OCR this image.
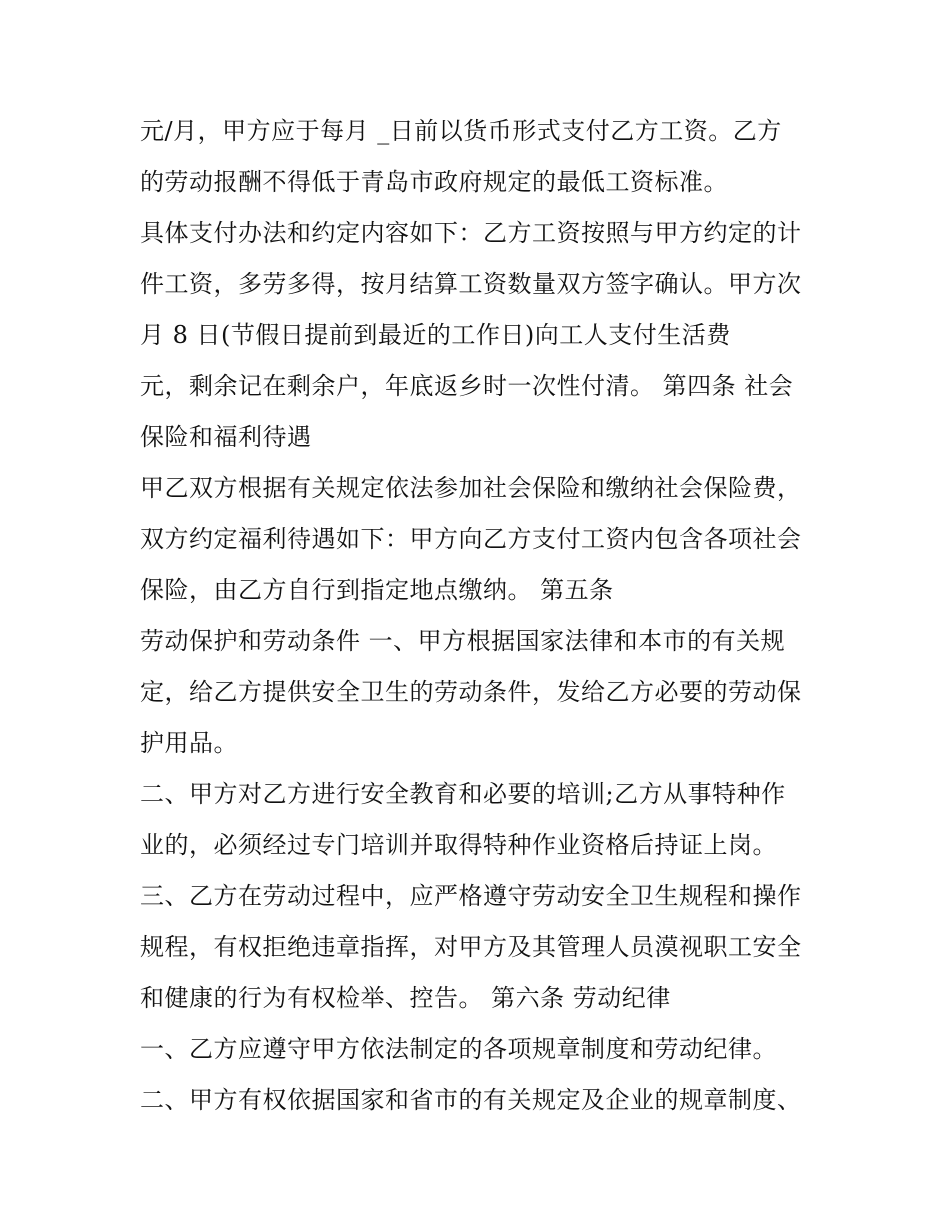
元/月，甲方应于每月 _日前以货币形式支付乙方工资。乙方
的劳动报酬不得低于青岛市政府规定的最低工资标准。
具体支付办法和约定内容如下：乙方工资按照与甲方约定的计
件工资，多劳多得，按月结算工资数量双方签字确认。甲方次
月 8 日(节假日提前到最近的工作日)向工人支付生活费
元，剩余记在剩余户，年底返乡时一次性付清。 第四条 社会
保险和福利待遇
甲乙双方根据有关规定依法参加社会保险和缴纳社会保险费，
双方约定福利待遇如下：甲方向乙方支付工资内包含各项社会
保险，由乙方自行到指定地点缴纳。 第五条
劳动保护和劳动条件 一、甲方根据国家法律和本市的有关规
定，给乙方提供安全卫生的劳动条件，发给乙方必要的劳动保
护用品。
二、甲方对乙方进行安全教育和必要的培训;乙方从事特种作
业的，必须经过专门培训并取得特种作业资格后持证上岗。
三、乙方在劳动过程中，应严格遵守劳动安全卫生规程和操作
规程，有权拒绝违章指挥，对甲方及其管理人员漠视职工安全
和健康的行为有权检举、控告。 第六条 劳动纪律
一、乙方应遵守甲方依法制定的各项规章制度和劳动纪律。
二、甲方有权依据国家和省市的有关规定及企业的规章制度、
